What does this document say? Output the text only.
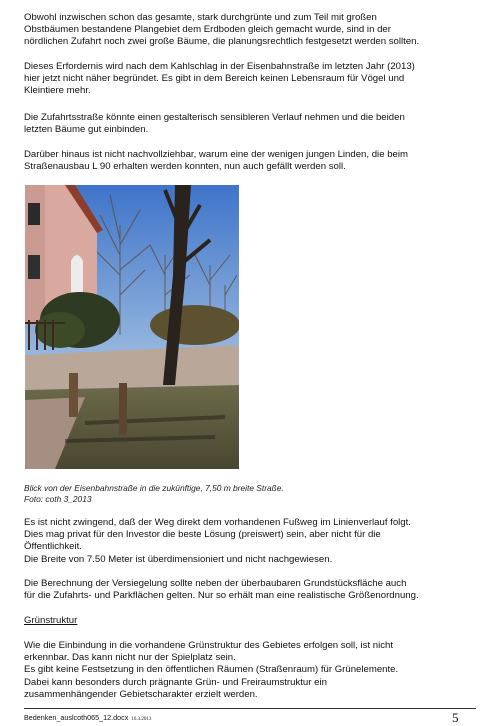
Obwohl inzwischen schon das gesamte, stark durchgrünte und zum Teil mit großen
Obstbäumen bestandene Plangebiet dem Erdboden gleich gemacht wurde, sind in der
nördlichen Zufahrt noch zwei große Bäume, die planungsrechtlich festgesetzt werden sollten.
Dieses Erfordernis wird nach dem Kahlschlag in der Eisenbahnstraße im letzten Jahr (2013)
hier jetzt nicht näher begründet. Es gibt in dem Bereich keinen Lebensraum für Vögel und
Kleintiere mehr.
Die Zufahrtsstraße könnte einen gestalterisch sensibleren Verlauf nehmen und die beiden
letzten Bäume gut einbinden.
Darüber hinaus ist nicht nachvollziehbar, warum eine der wenigen jungen Linden, die beim
Straßenausbau L 90 erhalten werden konnten, nun auch gefällt werden soll.
Blick von der Eisenbahnstraße in die zukünftige, 7,50 m breite Straße.
Foto: coth 3_2013
Es ist nicht zwingend, daß der Weg direkt dem vorhandenen Fußweg im Linienverlauf folgt.
Dies mag privat für den Investor die beste Lösung (preiswert) sein, aber nicht für die
Öffentlichkeit.
Die Breite von 7.50 Meter ist überdimensioniert und nicht nachgewiesen.
Die Berechnung der Versiegelung sollte neben der überbaubaren Grundstücksfläche auch
für die Zufahrts- und Parkflächen gelten. Nur so erhält man eine realistische Größenordnung.
Grünstruktur
Wie die Einbindung in die vorhandene Grünstruktur des Gebietes erfolgen soll, ist nicht
erkennbar. Das kann nicht nur der Spielplatz sein.
Es gibt keine Festsetzung in den öffentlichen Räumen (Straßenraum) für Grünelemente.
Dabei kann besonders durch prägnante Grün- und Freiraumstruktur ein
zusammenhängender Gebietscharakter erzielt werden.
Bedenken_auslcoth065_12.docx 16.3.2013	5
